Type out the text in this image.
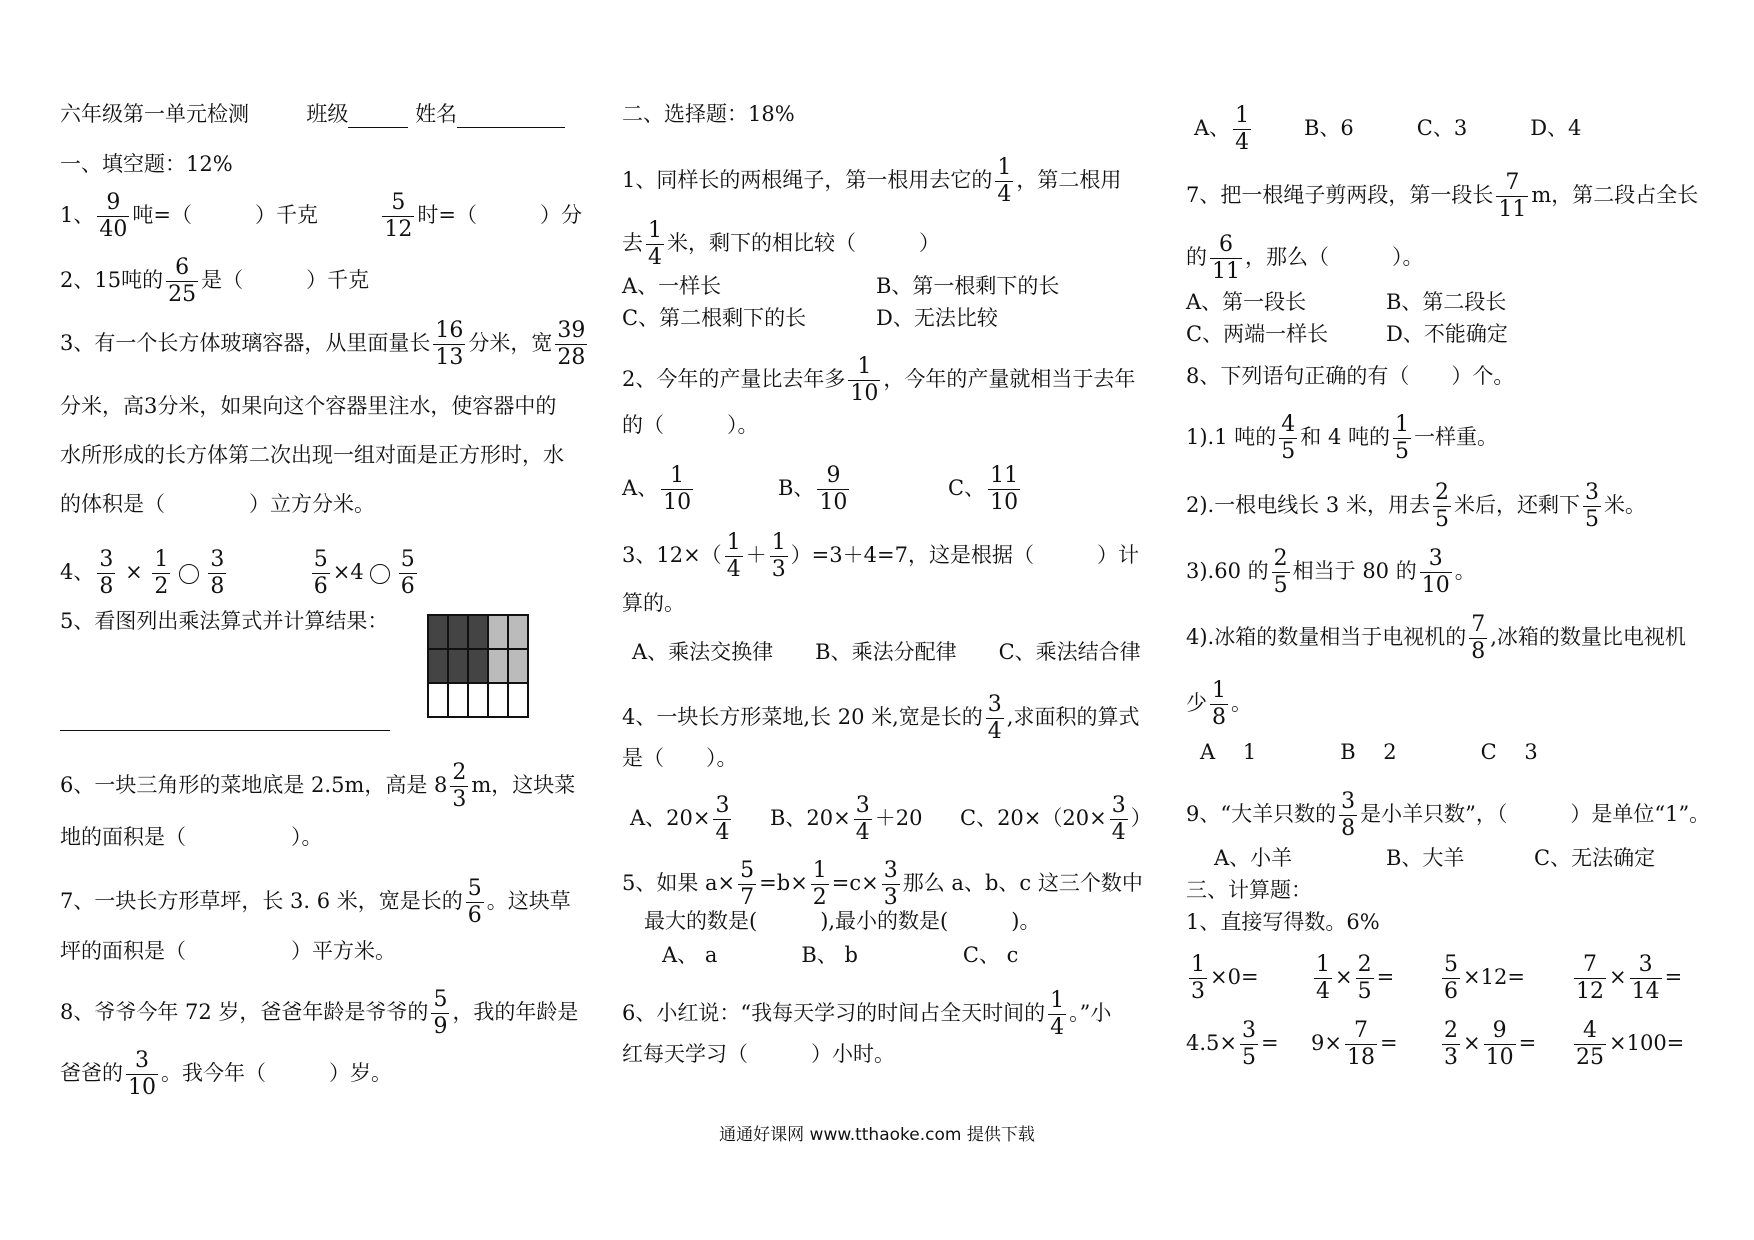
六年级第一单元检测	班级	姓名
一、填空题：12%
1、 $\frac{9}{40}$ 吨=（　　　）千克	$\frac{5}{12}$ 时=（　　　）分
2、15吨的 $\frac{6}{25}$ 是（　　　）千克
3、有一个长方体玻璃容器，从里面量长 $\frac{16}{13}$ 分米，宽 $\frac{39}{28}$
分米，高3分米，如果向这个容器里注水，使容器中的
水所形成的长方体第二次出现一组对面是正方形时，水
的体积是（　　　　）立方分米。
4、 $\frac{3}{8} \times \frac{1}{2} \frac{3}{8}$
	$\frac{5}{6} \times 4 \frac{5}{6}$
5、看图列出乘法算式并计算结果：
6、一块三角形的菜地底是 2.5m，高是 $8 \frac{2}{3}$ m，这块菜
地的面积是（　　　　　）。
7、一块长方形草坪，长 3. 6 米，宽是长的 $\frac{5}{6}$ 。这块草
坪的面积是（　　　　　）平方米。
8、爷爷今年 72 岁，爸爸年龄是爷爷的 $\frac{5}{9}$ ，我的年龄是
爸爸的 $\frac{3}{10}$ 。我今年（　　　）岁。
二、选择题：18%
1、同样长的两根绳子，第一根用去它的 $\frac{1}{4}$ ，第二根用
去 $\frac{1}{4}$ 米，剩下的相比较（　　　）
A、一样长	B、第一根剩下的长
C、第二根剩下的长	D、无法比较
2、今年的产量比去年多 $\frac{1}{10}$ ，今年的产量就相当于去年
的（　　　）。
A、 $\frac{1}{10}$	B、 $\frac{9}{10}$	C、 $\frac{11}{10}$
3、$12\times( \frac{1}{4} + \frac{1}{3} )=3+4=7$，这是根据（　　　）计
算的。
A、乘法交换律　　B、乘法分配律　　C、乘法结合律
4、一块长方形菜地,长 20 米,宽是长的 $\frac{3}{4}$ ,求面积的算式
是（　　）。
A、$20\times \frac{3}{4}$ B、$20\times \frac{3}{4} +20$ C、$20\times(20\times \frac{3}{4}$ ）
5、如果 $a\times \frac{5}{7} =b\times \frac{1}{2} =c\times \frac{3}{3}$ 那么 a、b、c 这三个数中
最大的数是(　　　),最小的数是(　　　)。
A、 a　　　　B、 b　　　　　C、 c
6、小红说：“我每天学习的时间占全天时间的 $\frac{1}{4}$ 。”小
红每天学习（　　　）小时。
A、 $\frac{1}{4}$	B、6　　　C、3　　　D、4
7、把一根绳子剪两段，第一段长 $\frac{7}{11}$ m，第二段占全长
的 $\frac{6}{11}$ ，那么（　　　）。
A、第一段长	B、第二段长
C、两端一样长	D、不能确定
8、下列语句正确的有（　　）个。
1).1 吨的 $\frac{4}{5}$ 和 4 吨的 $\frac{1}{5}$ 一样重。
2).一根电线长 3 米，用去 $\frac{2}{5}$ 米后，还剩下 $\frac{3}{5}$ 米。
3).60 的 $\frac{2}{5}$ 相当于 80 的 $\frac{3}{10}$ 。
4).冰箱的数量相当于电视机的 $\frac{7}{8}$ ,冰箱的数量比电视机
少 $\frac{1}{8}$ 。
A　 1　　　　B　 2　　　　C　 3
9、“大羊只数的 $\frac{3}{8}$ 是小羊只数”，（　　　）是单位“1”。
A、小羊	B、大羊	C、无法确定
三、计算题：
1、直接写得数。6%
$\frac{1}{3} \times 0=$	$\frac{1}{4} \times \frac{2}{5} = \frac{5}{6} \times 12= \frac{7}{12} \times \frac{3}{14}$ =
$4.5\times \frac{3}{5} = 9\times \frac{7}{18} = \frac{2}{3} \times \frac{9}{10} = \frac{4}{25} \times 100=$
通通好课网 www.tthaoke.com 提供下载
